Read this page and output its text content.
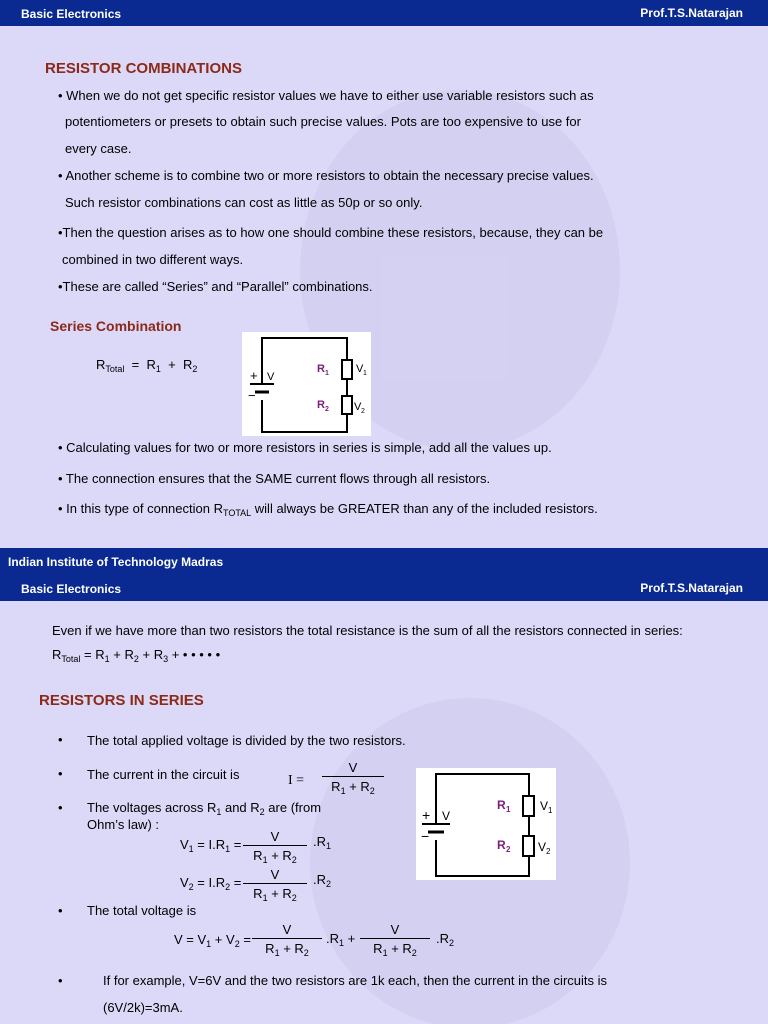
Basic Electronics	Prof.T.S.Natarajan
RESISTOR COMBINATIONS
• When we do not get specific resistor values we have to either use variable resistors such as
potentiometers or presets to obtain such precise values. Pots are too expensive to use for
every case.
• Another scheme is to combine two or more resistors to obtain the necessary precise values.
Such resistor combinations can cost as little as 50p or so only.
•Then the question arises as to how one should combine these resistors, because, they can be
combined in two different ways.
•These are called “Series” and “Parallel” combinations.
Series Combination
$R_{Total} = R_1 + R_2$	+
−
V
R 1
R 2
V 1
V 2
• Calculating values for two or more resistors in series is simple, add all the values up.
• The connection ensures that the SAME current flows through all resistors.
• In this type of connection $R_{TOTAL}$ will always be GREATER than any of the included resistors.
Indian Institute of Technology Madras
Basic Electronics	Prof.T.S.Natarajan
Even if we have more than two resistors the total resistance is the sum of all the resistors connected in series:
$R_{Total} = R_1 + R_2 + R_3$ + • • • • •
RESISTORS IN SERIES
• The total applied voltage is divided by the two resistors.
• The current in the circuit is	$I = \frac{V}{R_1 + R_2}$
+
−
V
R 1
R 2
V 1
V 2
• The voltages across $R_1$ and $R_2$ are (from
Ohm’s law) :
$V_1 = I.R_1 = \frac{V}{R_1 + R_2} .R_1$
$V_2 = I.R_2 = \frac{V}{R_1 + R_2} .R_2$
• The total voltage is
$V = V_1 + V_2 = \frac{V}{R_1 + R_2} .R_1 + \frac{V}{R_1 + R_2} .R_2$
•	If for example, V=6V and the two resistors are 1k each, then the current in the circuits is
(6V/2k)=3mA.
